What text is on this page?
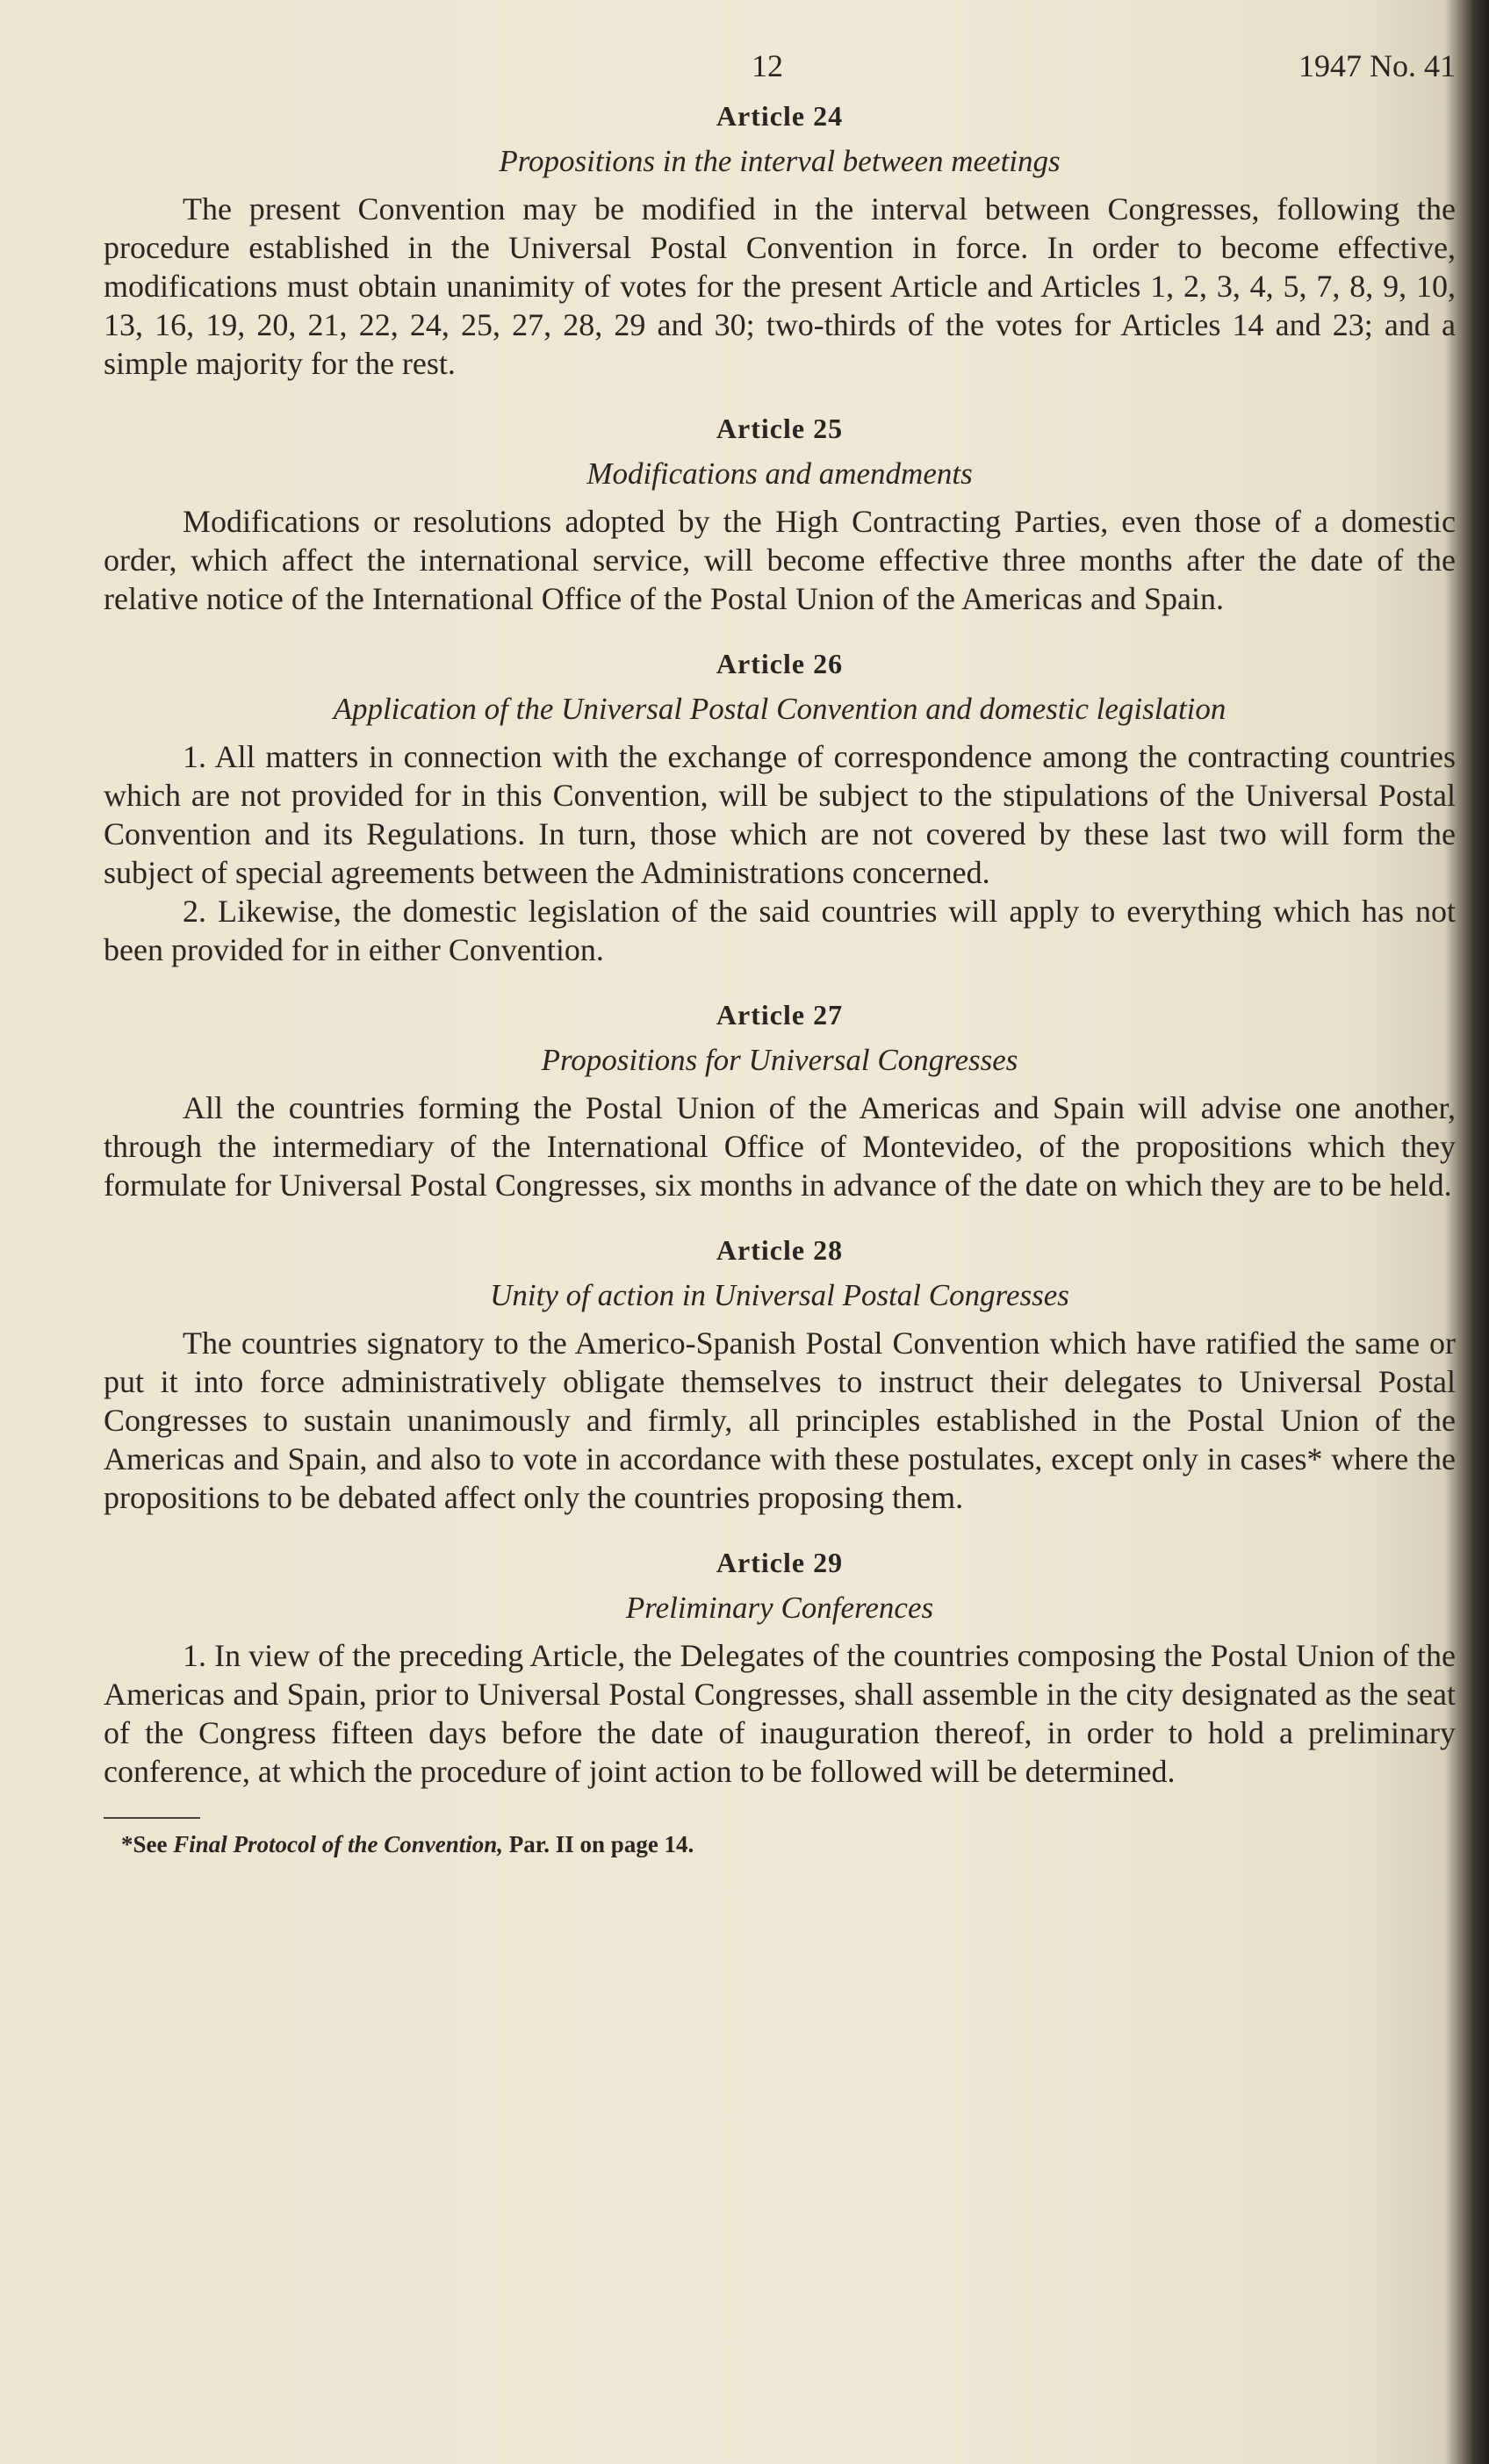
12	1947 No. 41
Article 24
Propositions in the interval between meetings

The present Convention may be modified in the interval between Congresses, following the procedure established in the Universal Postal Convention in force. In order to become effective, modifications must obtain unanimity of votes for the present Article and Articles 1, 2, 3, 4, 5, 7, 8, 9, 10, 13, 16, 19, 20, 21, 22, 24, 25, 27, 28, 29 and 30; two-thirds of the votes for Articles 14 and 23; and a simple majority for the rest.

Article 25
Modifications and amendments

Modifications or resolutions adopted by the High Contracting Parties, even those of a domestic order, which affect the international service, will become effective three months after the date of the relative notice of the International Office of the Postal Union of the Americas and Spain.

Article 26
Application of the Universal Postal Convention and domestic legislation

1. All matters in connection with the exchange of correspondence among the contracting countries which are not provided for in this Convention, will be subject to the stipulations of the Universal Postal Convention and its Regulations. In turn, those which are not covered by these last two will form the subject of special agreements between the Administrations concerned.

2. Likewise, the domestic legislation of the said countries will apply to everything which has not been provided for in either Convention.

Article 27
Propositions for Universal Congresses

All the countries forming the Postal Union of the Americas and Spain will advise one another, through the intermediary of the International Office of Montevideo, of the propositions which they formulate for Universal Postal Congresses, six months in advance of the date on which they are to be held.

Article 28
Unity of action in Universal Postal Congresses

The countries signatory to the Americo-Spanish Postal Convention which have ratified the same or put it into force administratively obligate themselves to instruct their delegates to Universal Postal Congresses to sustain unanimously and firmly, all principles established in the Postal Union of the Americas and Spain, and also to vote in accordance with these postulates, except only in cases* where the propositions to be debated affect only the countries proposing them.

Article 29
Preliminary Conferences

1. In view of the preceding Article, the Delegates of the countries composing the Postal Union of the Americas and Spain, prior to Universal Postal Congresses, shall assemble in the city designated as the seat of the Congress fifteen days before the date of inauguration thereof, in order to hold a preliminary conference, at which the procedure of joint action to be followed will be determined.

*See Final Protocol of the Convention, Par. II on page 14.
